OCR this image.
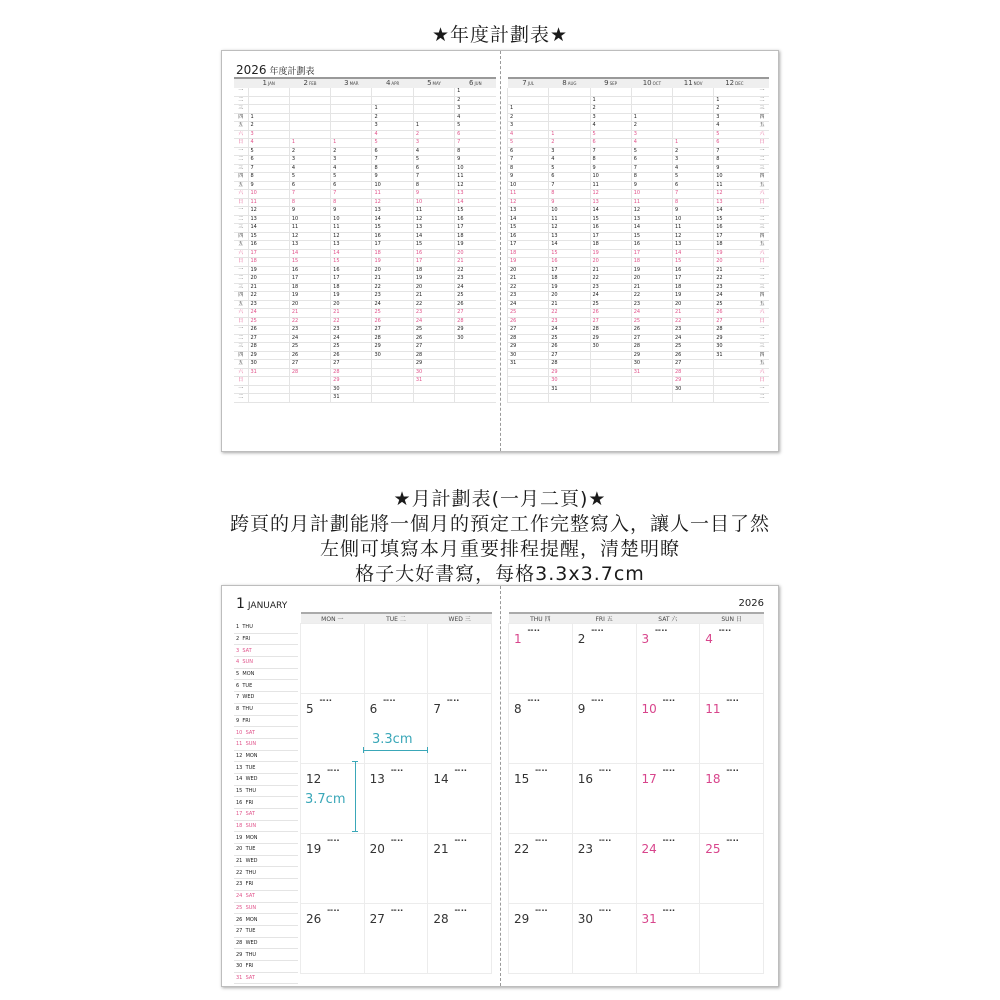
★年度計劃表★
2026 年度計劃表
	1JAN	2FEB	3MAR	4APR	5MAY	6JUN
一						1
二						2
三				1		3
四	1			2		4
五	2			3	1	5
六	3			4	2	6
日	4	1	1	5	3	7
一	5	2	2	6	4	8
二	6	3	3	7	5	9
三	7	4	4	8	6	10
四	8	5	5	9	7	11
五	9	6	6	10	8	12
六	10	7	7	11	9	13
日	11	8	8	12	10	14
一	12	9	9	13	11	15
二	13	10	10	14	12	16
三	14	11	11	15	13	17
四	15	12	12	16	14	18
五	16	13	13	17	15	19
六	17	14	14	18	16	20
日	18	15	15	19	17	21
一	19	16	16	20	18	22
二	20	17	17	21	19	23
三	21	18	18	22	20	24
四	22	19	19	23	21	25
五	23	20	20	24	22	26
六	24	21	21	25	23	27
日	25	22	22	26	24	28
一	26	23	23	27	25	29
二	27	24	24	28	26	30
三	28	25	25	29	27	
四	29	26	26	30	28	
五	30	27	27		29	
六	31	28	28		30	
日			29		31	
一			30			
二			31			
7JUL	8AUG	9SEP	10OCT	11NOV	12DEC	
						一
		1			1	二
1		2			2	三
2		3	1		3	四
3		4	2		4	五
4	1	5	3		5	六
5	2	6	4	1	6	日
6	3	7	5	2	7	一
7	4	8	6	3	8	二
8	5	9	7	4	9	三
9	6	10	8	5	10	四
10	7	11	9	6	11	五
11	8	12	10	7	12	六
12	9	13	11	8	13	日
13	10	14	12	9	14	一
14	11	15	13	10	15	二
15	12	16	14	11	16	三
16	13	17	15	12	17	四
17	14	18	16	13	18	五
18	15	19	17	14	19	六
19	16	20	18	15	20	日
20	17	21	19	16	21	一
21	18	22	20	17	22	二
22	19	23	21	18	23	三
23	20	24	22	19	24	四
24	21	25	23	20	25	五
25	22	26	24	21	26	六
26	23	27	25	22	27	日
27	24	28	26	23	28	一
28	25	29	27	24	29	二
29	26	30	28	25	30	三
30	27		29	26	31	四
31	28		30	27		五
	29		31	28		六
	30			29		日
	31			30		一
						二
★月計劃表(一月二頁)★
跨頁的月計劃能將一個月的預定工作完整寫入，讓人一目了然
左側可填寫本月重要排程提醒，清楚明瞭
格子大好書寫，每格3.3x3.7cm
1 JANUARY	2026
1 THU
2 FRI
3 SAT
4 SUN
5 MON
6 TUE
7 WED
8 THU
9 FRI
10 SAT
11 SUN
12 MON
13 TUE
14 WED
15 THU
16 FRI
17 SAT
18 SUN
19 MON
20 TUE
21 WED
22 THU
23 FRI
24 SAT
25 SUN
26 MON
27 TUE
28 WED
29 THU
30 FRI
31 SAT
MON 一	TUE 二	WED 三

5▬▬ ▪ ▪	6▬▬ ▪ ▪	7▬▬ ▪ ▪
12▬▬ ▪ ▪	13▬▬ ▪ ▪	14▬▬ ▪ ▪
19▬▬ ▪ ▪	20▬▬ ▪ ▪	21▬▬ ▪ ▪
26▬▬ ▪ ▪	27▬▬ ▪ ▪	28▬▬ ▪ ▪
THU 四	FRI 五	SAT 六	SUN 日
1▬▬ ▪ ▪	2▬▬ ▪ ▪	3▬▬ ▪ ▪	4▬▬ ▪ ▪
8▬▬ ▪ ▪	9▬▬ ▪ ▪	10▬▬ ▪ ▪	11▬▬ ▪ ▪
15▬▬ ▪ ▪	16▬▬ ▪ ▪	17▬▬ ▪ ▪	18▬▬ ▪ ▪
22▬▬ ▪ ▪	23▬▬ ▪ ▪	24▬▬ ▪ ▪	25▬▬ ▪ ▪
29▬▬ ▪ ▪	30▬▬ ▪ ▪	31▬▬ ▪ ▪	
3.3cm
3.7cm
